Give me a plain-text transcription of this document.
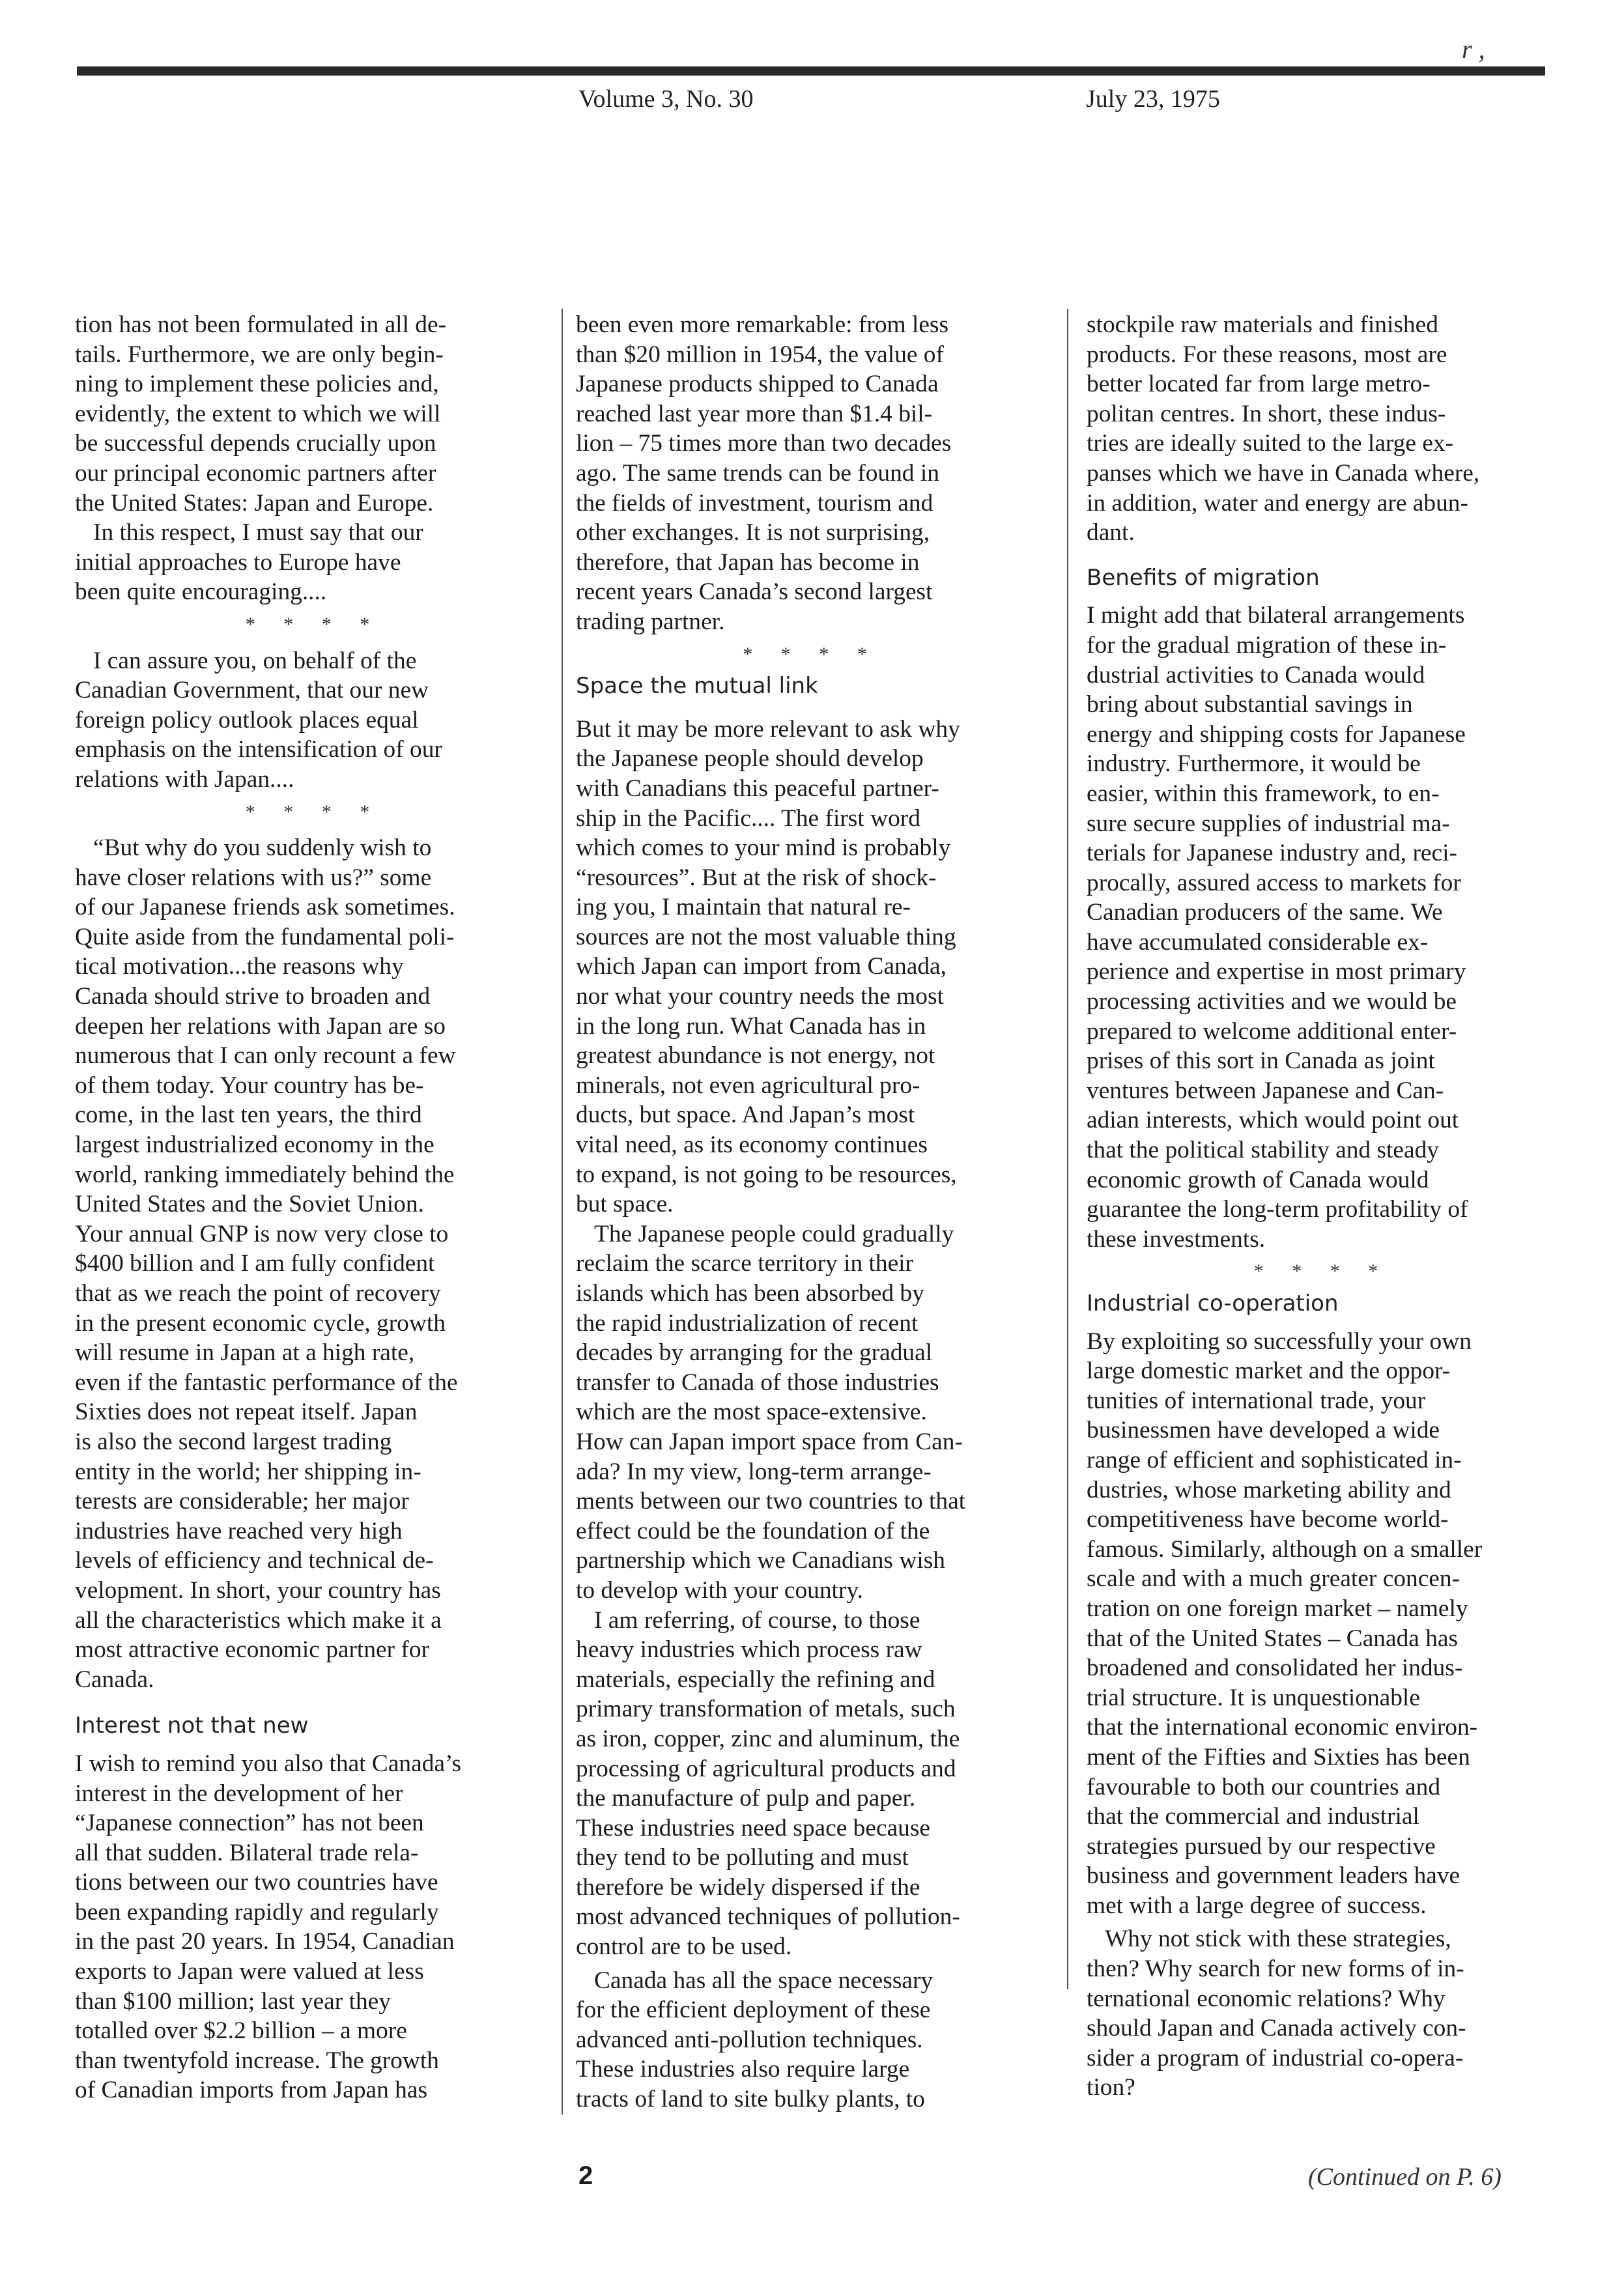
r ,
Volume 3, No. 30	July 23, 1975

tion has not been formulated in all de-
tails. Furthermore, we are only begin-
ning to implement these policies and,
evidently, the extent to which we will
be successful depends crucially upon
our principal economic partners after
the United States: Japan and Europe.

In this respect, I must say that our
initial approaches to Europe have
been quite encouraging....

* * * *

I can assure you, on behalf of the
Canadian Government, that our new
foreign policy outlook places equal
emphasis on the intensification of our
relations with Japan....

* * * *

“But why do you suddenly wish to
have closer relations with us?” some
of our Japanese friends ask sometimes.
Quite aside from the fundamental poli-
tical motivation...the reasons why
Canada should strive to broaden and
deepen her relations with Japan are so
numerous that I can only recount a few
of them today. Your country has be-
come, in the last ten years, the third
largest industrialized economy in the
world, ranking immediately behind the
United States and the Soviet Union.
Your annual GNP is now very close to
$400 billion and I am fully confident
that as we reach the point of recovery
in the present economic cycle, growth
will resume in Japan at a high rate,
even if the fantastic performance of the
Sixties does not repeat itself. Japan
is also the second largest trading
entity in the world; her shipping in-
terests are considerable; her major
industries have reached very high
levels of efficiency and technical de-
velopment. In short, your country has
all the characteristics which make it a
most attractive economic partner for
Canada.

Interest not that new

I wish to remind you also that Canada’s
interest in the development of her
“Japanese connection” has not been
all that sudden. Bilateral trade rela-
tions between our two countries have
been expanding rapidly and regularly
in the past 20 years. In 1954, Canadian
exports to Japan were valued at less
than $100 million; last year they
totalled over $2.2 billion – a more
than twentyfold increase. The growth
of Canadian imports from Japan has

been even more remarkable: from less
than $20 million in 1954, the value of
Japanese products shipped to Canada
reached last year more than $1.4 bil-
lion – 75 times more than two decades
ago. The same trends can be found in
the fields of investment, tourism and
other exchanges. It is not surprising,
therefore, that Japan has become in
recent years Canada’s second largest
trading partner.

* * * *
Space the mutual link

But it may be more relevant to ask why
the Japanese people should develop
with Canadians this peaceful partner-
ship in the Pacific.... The first word
which comes to your mind is probably
“resources”. But at the risk of shock-
ing you, I maintain that natural re-
sources are not the most valuable thing
which Japan can import from Canada,
nor what your country needs the most
in the long run. What Canada has in
greatest abundance is not energy, not
minerals, not even agricultural pro-
ducts, but space. And Japan’s most
vital need, as its economy continues
to expand, is not going to be resources,
but space.

The Japanese people could gradually
reclaim the scarce territory in their
islands which has been absorbed by
the rapid industrialization of recent
decades by arranging for the gradual
transfer to Canada of those industries
which are the most space-extensive.
How can Japan import space from Can-
ada? In my view, long-term arrange-
ments between our two countries to that
effect could be the foundation of the
partnership which we Canadians wish
to develop with your country.

I am referring, of course, to those
heavy industries which process raw
materials, especially the refining and
primary transformation of metals, such
as iron, copper, zinc and aluminum, the
processing of agricultural products and
the manufacture of pulp and paper.
These industries need space because
they tend to be polluting and must
therefore be widely dispersed if the
most advanced techniques of pollution-
control are to be used.

Canada has all the space necessary
for the efficient deployment of these
advanced anti-pollution techniques.
These industries also require large
tracts of land to site bulky plants, to

stockpile raw materials and finished
products. For these reasons, most are
better located far from large metro-
politan centres. In short, these indus-
tries are ideally suited to the large ex-
panses which we have in Canada where,
in addition, water and energy are abun-
dant.

Benefits of migration

I might add that bilateral arrangements
for the gradual migration of these in-
dustrial activities to Canada would
bring about substantial savings in
energy and shipping costs for Japanese
industry. Furthermore, it would be
easier, within this framework, to en-
sure secure supplies of industrial ma-
terials for Japanese industry and, reci-
procally, assured access to markets for
Canadian producers of the same. We
have accumulated considerable ex-
perience and expertise in most primary
processing activities and we would be
prepared to welcome additional enter-
prises of this sort in Canada as joint
ventures between Japanese and Can-
adian interests, which would point out
that the political stability and steady
economic growth of Canada would
guarantee the long-term profitability of
these investments.

* * * *
Industrial co-operation

By exploiting so successfully your own
large domestic market and the oppor-
tunities of international trade, your
businessmen have developed a wide
range of efficient and sophisticated in-
dustries, whose marketing ability and
competitiveness have become world-
famous. Similarly, although on a smaller
scale and with a much greater concen-
tration on one foreign market – namely
that of the United States – Canada has
broadened and consolidated her indus-
trial structure. It is unquestionable
that the international economic environ-
ment of the Fifties and Sixties has been
favourable to both our countries and
that the commercial and industrial
strategies pursued by our respective
business and government leaders have
met with a large degree of success.

Why not stick with these strategies,
then? Why search for new forms of in-
ternational economic relations? Why
should Japan and Canada actively con-
sider a program of industrial co-opera-
tion?

2	(Continued on P. 6)
